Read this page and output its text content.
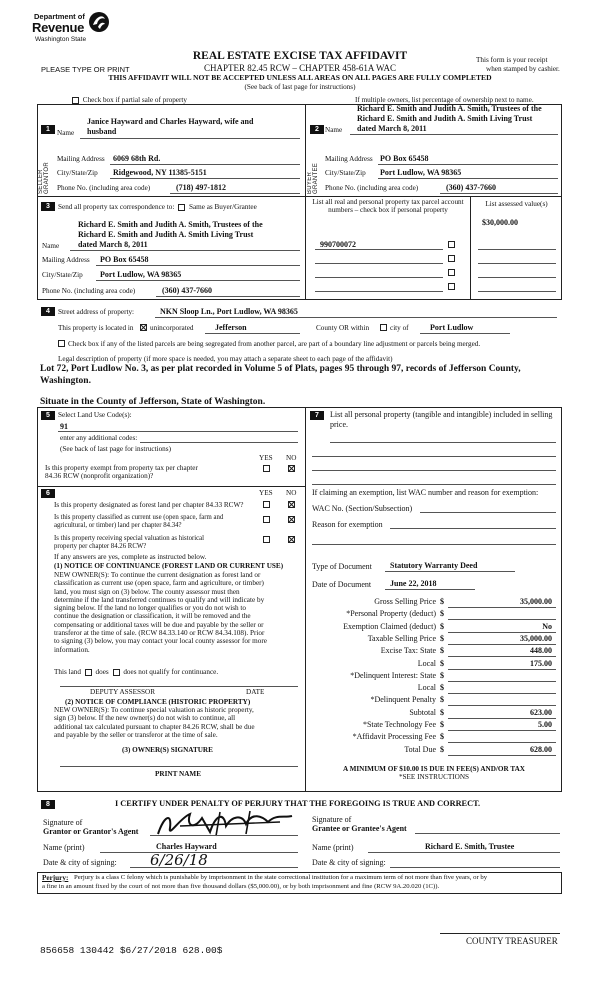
Department of
Revenue
Washington State
PLEASE TYPE OR PRINT
REAL ESTATE EXCISE TAX AFFIDAVIT
CHAPTER 82.45 RCW – CHAPTER 458-61A WAC
THIS AFFIDAVIT WILL NOT BE ACCEPTED UNLESS ALL AREAS ON ALL PAGES ARE FULLY COMPLETED
(See back of last page for instructions)
This form is your receipt
when stamped by cashier.
Check box if partial sale of property	If multiple owners, list percentage of ownership next to name.
SELLER GRANTOR
1
Janice Hayward and Charles Hayward, wife and
Name husband
Mailing Address 6069 68th Rd.
City/State/Zip Ridgewood, NY 11385-5151
Phone No. (including area code)	(718) 497-1812	BUYER GRANTEE
2
Richard E. Smith and Judith A. Smith, Trustees of the
Richard E. Smith and Judith A. Smith Living Trust
Name dated March 8, 2011
Mailing Address PO Box 65458
City/State/Zip Port Ludlow, WA 98365
Phone No. (including area code)	(360) 437-7660
3	Send all property tax correspondence to: Same as Buyer/Grantee
Richard E. Smith and Judith A. Smith, Trustees of the
Richard E. Smith and Judith A. Smith Living Trust
Name dated March 8, 2011
Mailing Address PO Box 65458
City/State/Zip Port Ludlow, WA 98365
Phone No. (including area code)	(360) 437-7660
List all real and personal property tax parcel account
numbers – check box if personal property
List assessed value(s)
$30,000.00
990700072
4	Street address of property:	NKN Sloop Ln., Port Ludlow, WA 98365
This property is located in unincorporated	Jefferson	County OR within	city of	Port Ludlow
Check box if any of the listed parcels are being segregated from another parcel, are part of a boundary line adjustment or parcels being merged.
Legal description of property (if more space is needed, you may attach a separate sheet to each page of the affidavit)
Lot 72, Port Ludlow No. 3, as per plat recorded in Volume 5 of Plats, pages 95 through 97, records of Jefferson County,
Washington.
Situate in the County of Jefferson, State of Washington.
5	Select Land Use Code(s):
91
enter any additional codes:
(See back of last page for instructions)
YES NO
Is this property exempt from property tax per chapter
84.36 RCW (nonprofit organization)?
6	YES NO
Is this property designated as forest land per chapter 84.33 RCW?
Is this property classified as current use (open space, farm and
agricultural, or timber) land per chapter 84.34?
Is this property receiving special valuation as historical
property per chapter 84.26 RCW?
If any answers are yes, complete as instructed below.
(1) NOTICE OF CONTINUANCE (FOREST LAND OR CURRENT USE)
NEW OWNER(S): To continue the current designation as forest land or
classification as current use (open space, farm and agriculture, or timber)
land, you must sign on (3) below. The county assessor must then
determine if the land transferred continues to qualify and will indicate by
signing below. If the land no longer qualifies or you do not wish to
continue the designation or classification, it will be removed and the
compensating or additional taxes will be due and payable by the seller or
transferor at the time of sale. (RCW 84.33.140 or RCW 84.34.108). Prior
to signing (3) below, you may contact your local county assessor for more
information.
This land does does not qualify for continuance.
DEPUTY ASSESSOR	DATE
(2) NOTICE OF COMPLIANCE (HISTORIC PROPERTY)
NEW OWNER(S): To continue special valuation as historic property,
sign (3) below. If the new owner(s) do not wish to continue, all
additional tax calculated pursuant to chapter 84.26 RCW, shall be due
and payable by the seller or transferor at the time of sale.
(3) OWNER(S) SIGNATURE
PRINT NAME
7	List all personal property (tangible and intangible) included in selling
price.
If claiming an exemption, list WAC number and reason for exemption:
WAC No. (Section/Subsection)
Reason for exemption
Type of Document Statutory Warranty Deed
Date of Document June 22, 2018
Gross Selling Price $	35,000.00
*Personal Property (deduct) $
Exemption Claimed (deduct) $	No
Taxable Selling Price $	35,000.00
Excise Tax: State $	448.00
Local $	175.00
*Delinquent Interest: State $
Local $
*Delinquent Penalty $
Subtotal $	623.00
*State Technology Fee $	5.00
*Affidavit Processing Fee $
Total Due $	628.00
A MINIMUM OF $10.00 IS DUE IN FEE(S) AND/OR TAX
*SEE INSTRUCTIONS
8	I CERTIFY UNDER PENALTY OF PERJURY THAT THE FOREGOING IS TRUE AND CORRECT.
Signature of
Grantor or Grantor's Agent
Name (print)	Charles Hayward
Date & city of signing: 6/26/18
Signature of
Grantee or Grantee's Agent
Name (print)	Richard E. Smith, Trustee
Date & city of signing:
Perjury: Perjury is a class C felony which is punishable by imprisonment in the state correctional institution for a maximum term of not more than five years, or by
a fine in an amount fixed by the court of not more than five thousand dollars ($5,000.00), or by both imprisonment and fine (RCW 9A.20.020 (1C)).
856658 130442 $6/27/2018 628.00$
COUNTY TREASURER
